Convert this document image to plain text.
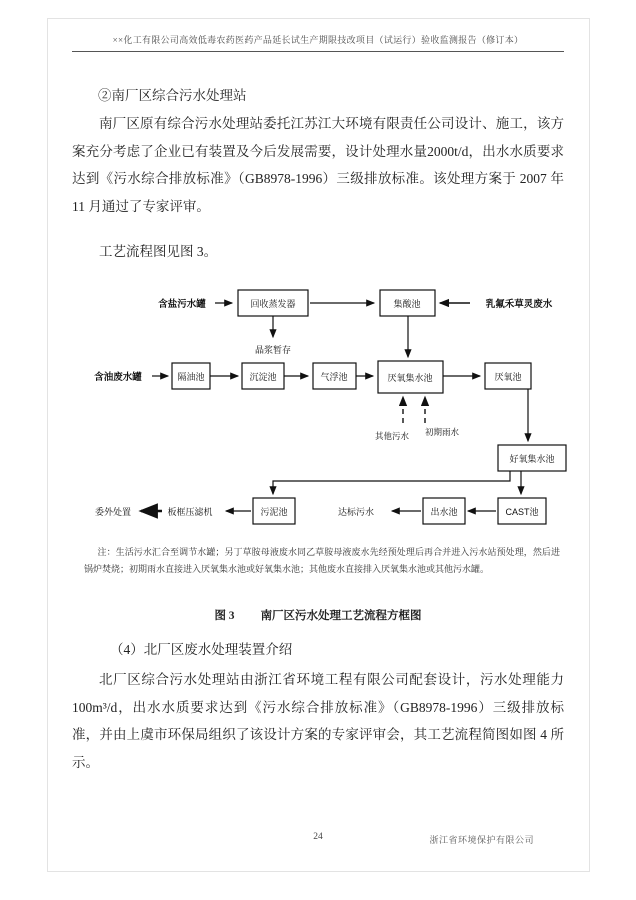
××化工有限公司高效低毒农药医药产品延长试生产期限技改项目（试运行）验收监测报告（修订本）
②南厂区综合污水处理站
南厂区原有综合污水处理站委托江苏江大环境有限责任公司设计、施工，该方案充分考虑了企业已有装置及今后发展需要，设计处理水量2000t/d，出水水质要求达到《污水综合排放标准》（GB8978-1996）三级排放标准。该处理方案于 2007 年 11 月通过了专家评审。
工艺流程图见图 3。
含盐污水罐	回收蒸发器	集酸池	乳氟禾草灵废水
晶浆暂存
含油废水罐	隔油池	沉淀池	气浮池	厌氧集水池	厌氧池
其他污水 初期雨水
好氧集水池
CAST池
出水池
达标污水
污泥池
板框压滤机
委外处置
注：生活污水汇合至调节水罐；另丁草胺母液废水同乙草胺母液废水先经预处理后再合并进入污水站预处理，然后进锅炉焚烧；初期雨水直接进入厌氧集水池或好氧集水池；其他废水直接排入厌氧集水池或其他污水罐。
图 3 南厂区污水处理工艺流程方框图
（4）北厂区废水处理装置介绍
北厂区综合污水处理站由浙江省环境工程有限公司配套设计，污水处理能力 100m³/d，出水水质要求达到《污水综合排放标准》（GB8978-1996）三级排放标准，并由上虞市环保局组织了该设计方案的专家评审会，其工艺流程简图如图 4 所示。
24	浙江省环境保护有限公司
